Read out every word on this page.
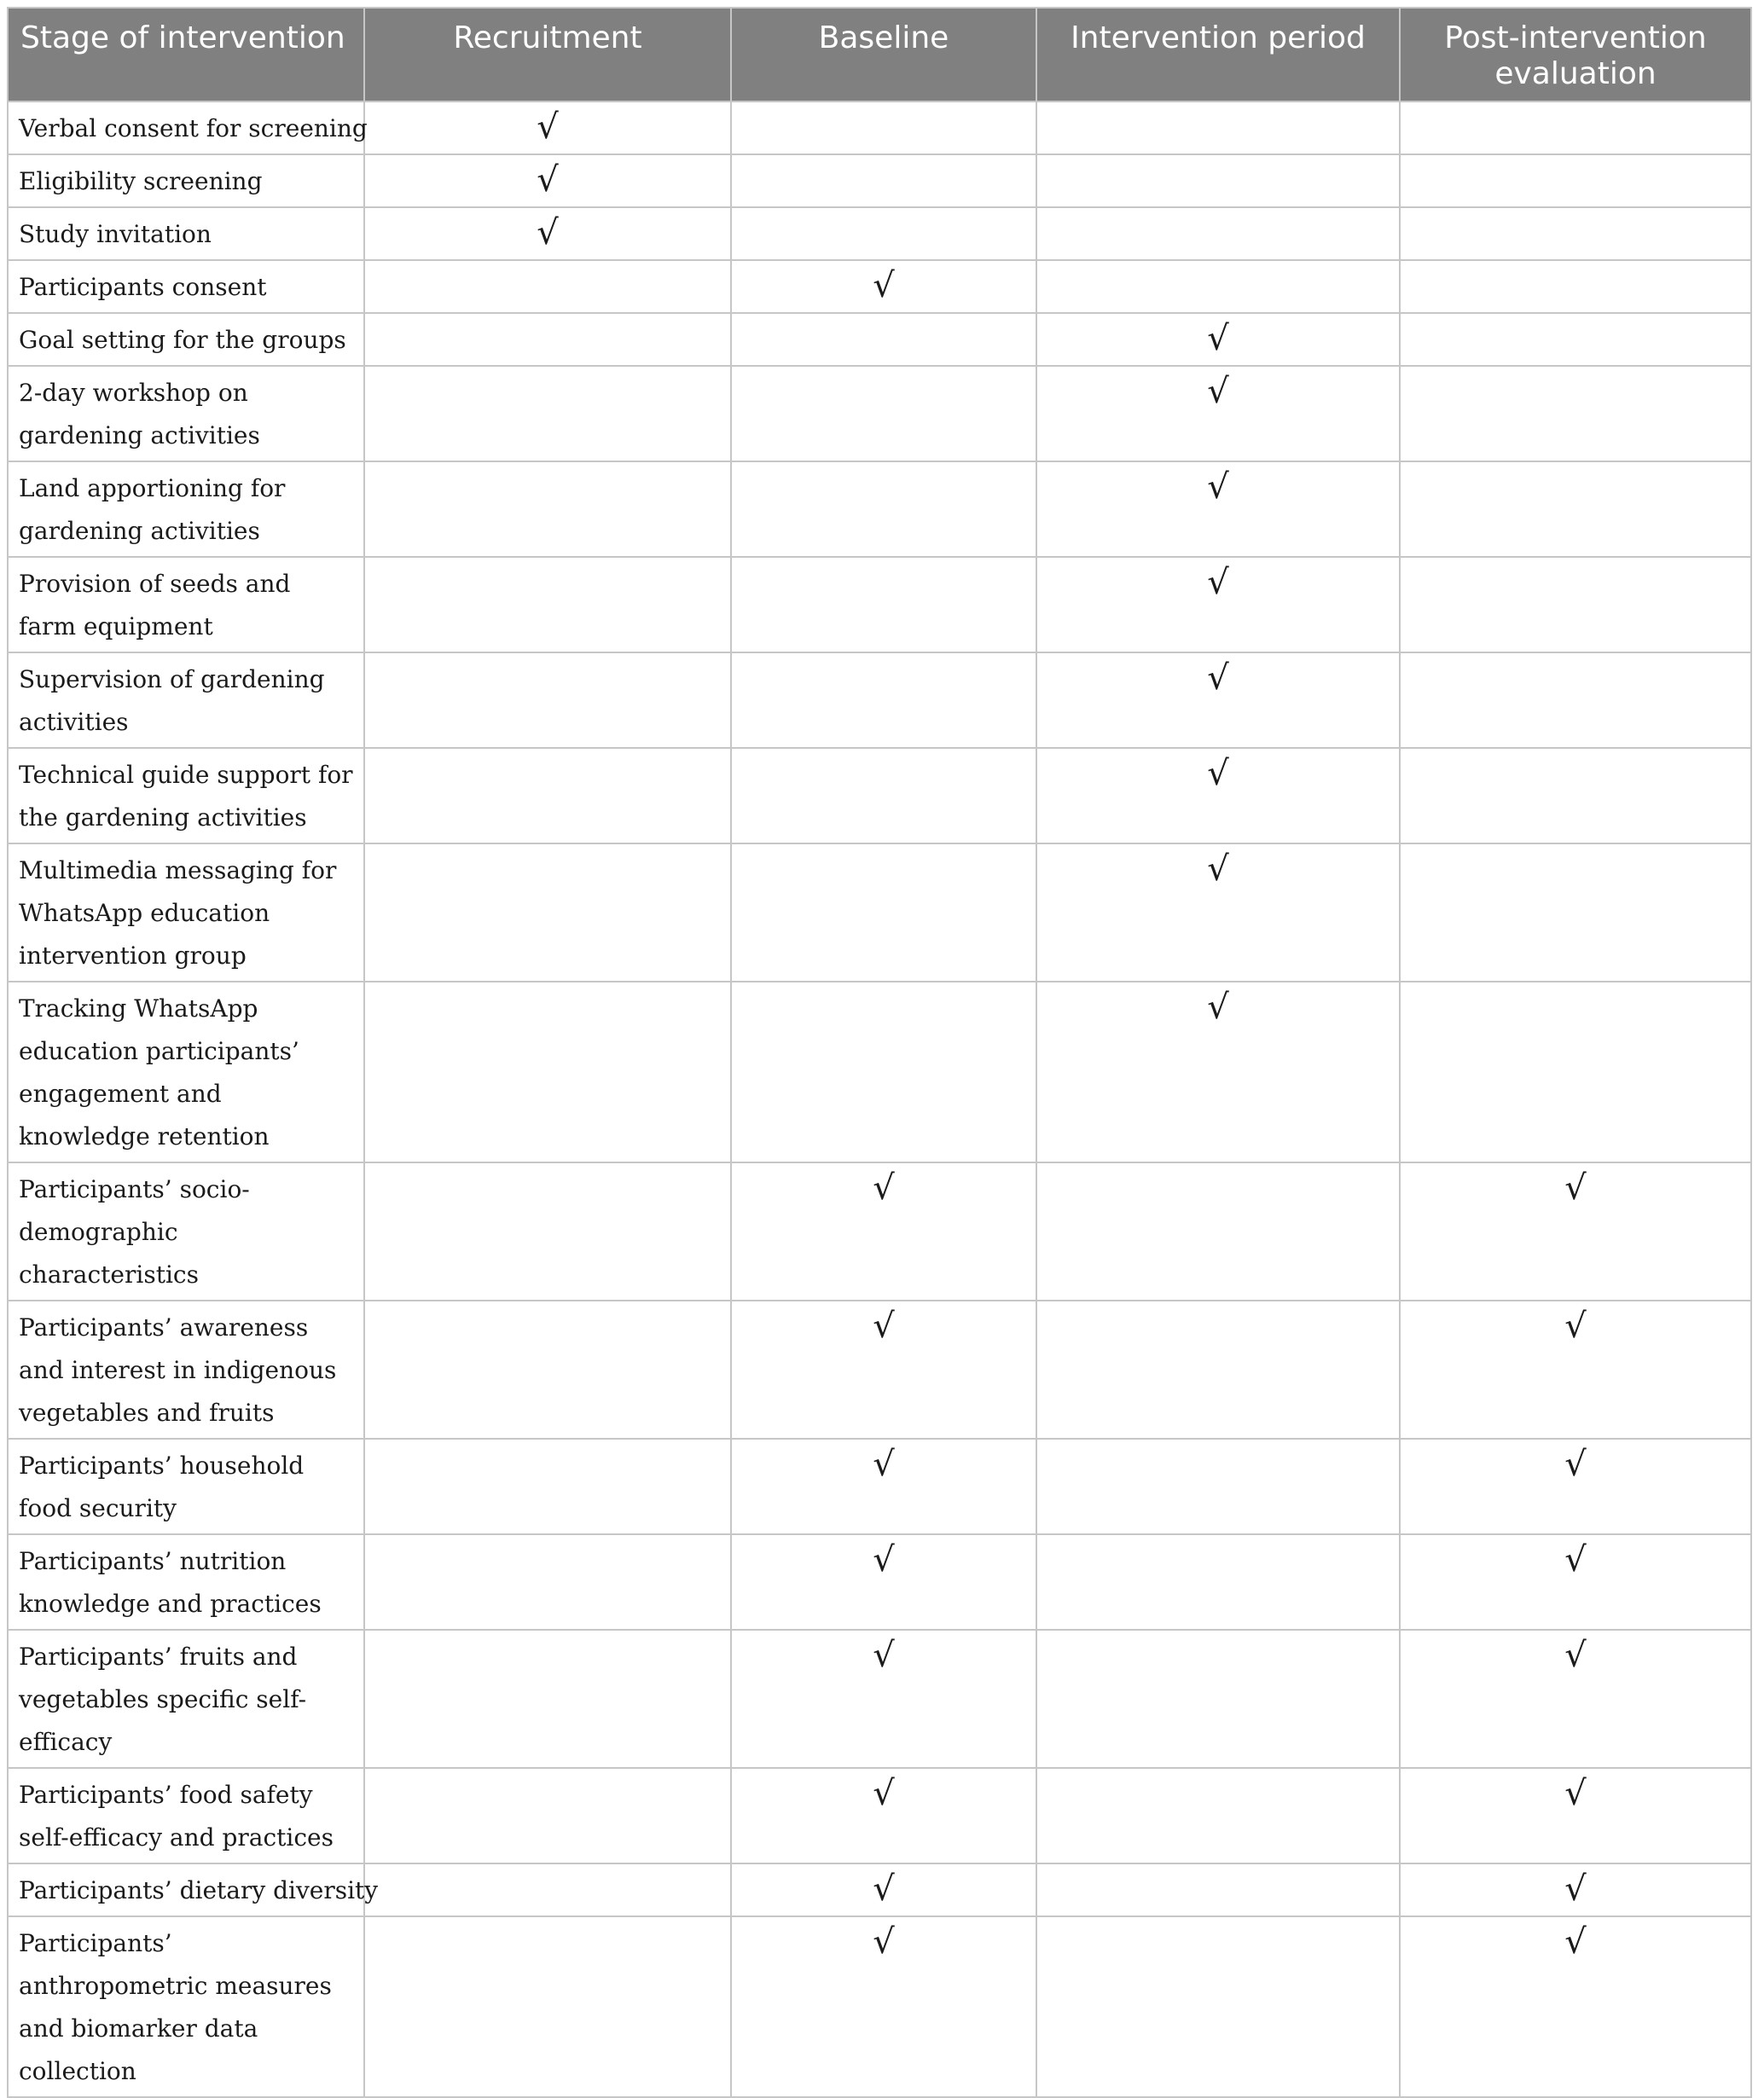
Stage of intervention	Recruitment	Baseline	Intervention period	Post-intervention evaluation
Verbal consent for screening	√			
Eligibility screening	√			
Study invitation	√			
Participants consent		√		
Goal setting for the groups			√	
2-day workshop on gardening activities			√	
Land apportioning for gardening activities			√	
Provision of seeds and farm equipment			√	
Supervision of gardening activities			√	
Technical guide support for the gardening activities			√	
Multimedia messaging for WhatsApp education intervention group			√	
Tracking WhatsApp education participants’ engagement and knowledge retention			√	
Participants’ socio-demographic characteristics		√		√
Participants’ awareness and interest in indigenous vegetables and fruits		√		√
Participants’ household food security		√		√
Participants’ nutrition knowledge and practices		√		√
Participants’ fruits and vegetables specific self-efficacy		√		√
Participants’ food safety self-efficacy and practices		√		√
Participants’ dietary diversity		√		√
Participants’ anthropometric measures and biomarker data collection		√		√
